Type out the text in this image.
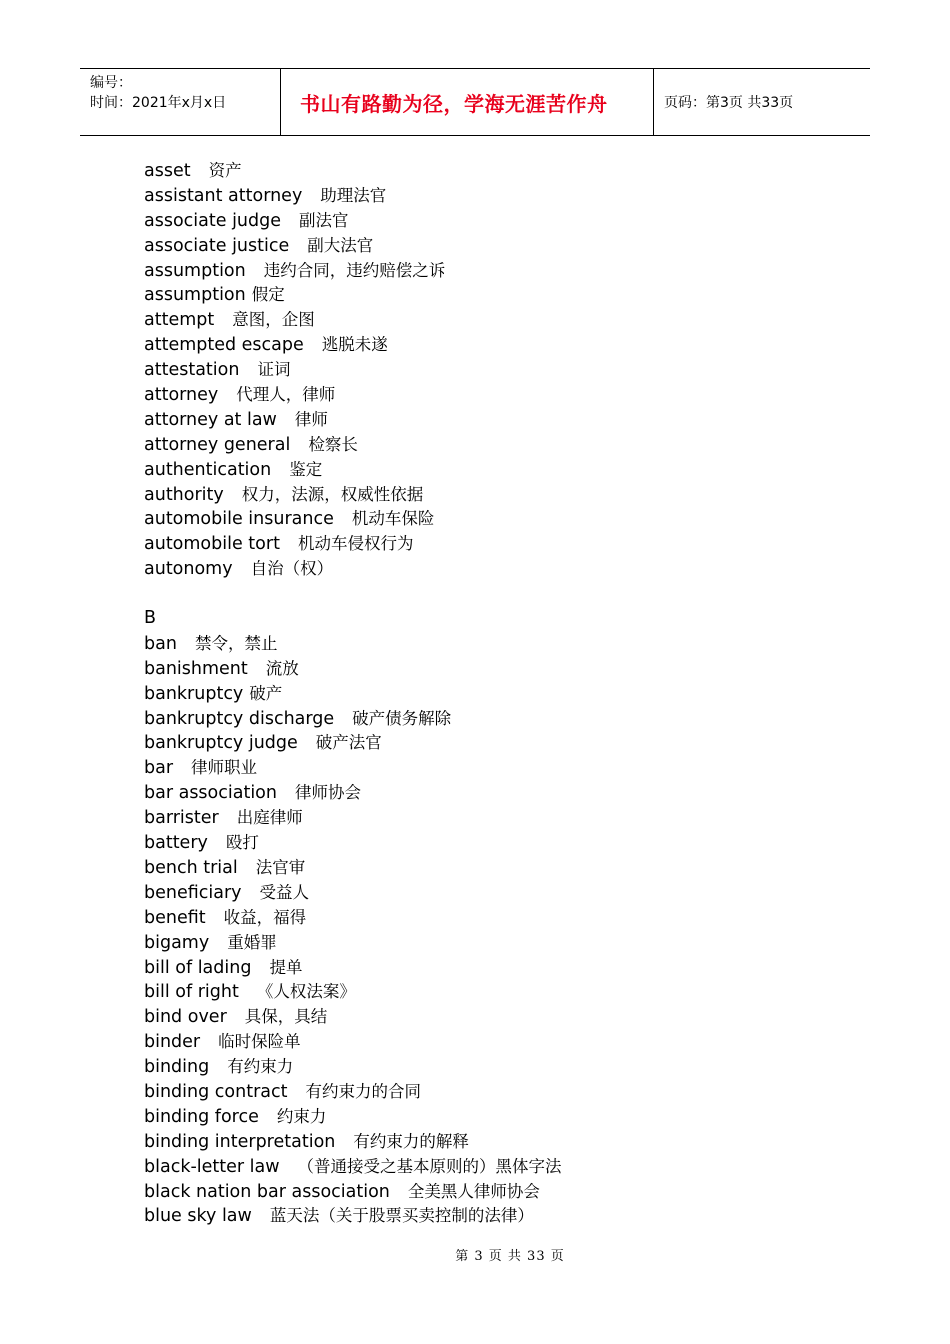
编号：
时间：2021年x月x日	书山有路勤为径，学海无涯苦作舟	页码：第3页 共33页
asset 资产
assistant attorney 助理法官
associate judge 副法官
associate justice 副大法官
assumption 违约合同，违约赔偿之诉
assumption 假定
attempt 意图，企图
attempted escape 逃脱未遂
attestation 证词
attorney 代理人，律师
attorney at law 律师
attorney general 检察长
authentication 鉴定
authority 权力，法源，权威性依据
automobile insurance 机动车保险
automobile tort 机动车侵权行为
autonomy 自治（权）
B
ban 禁令，禁止
banishment 流放
bankruptcy 破产
bankruptcy discharge 破产债务解除
bankruptcy judge 破产法官
bar 律师职业
bar association 律师协会
barrister 出庭律师
battery 殴打
bench trial 法官审
beneficiary 受益人
benefit 收益，福得
bigamy 重婚罪
bill of lading 提单
bill of right 《人权法案》
bind over 具保，具结
binder 临时保险单
binding 有约束力
binding contract 有约束力的合同
binding force 约束力
binding interpretation 有约束力的解释
black-letter law （普通接受之基本原则的）黑体字法
black nation bar association 全美黑人律师协会
blue sky law 蓝天法（关于股票买卖控制的法律）
第 3 页 共 33 页
